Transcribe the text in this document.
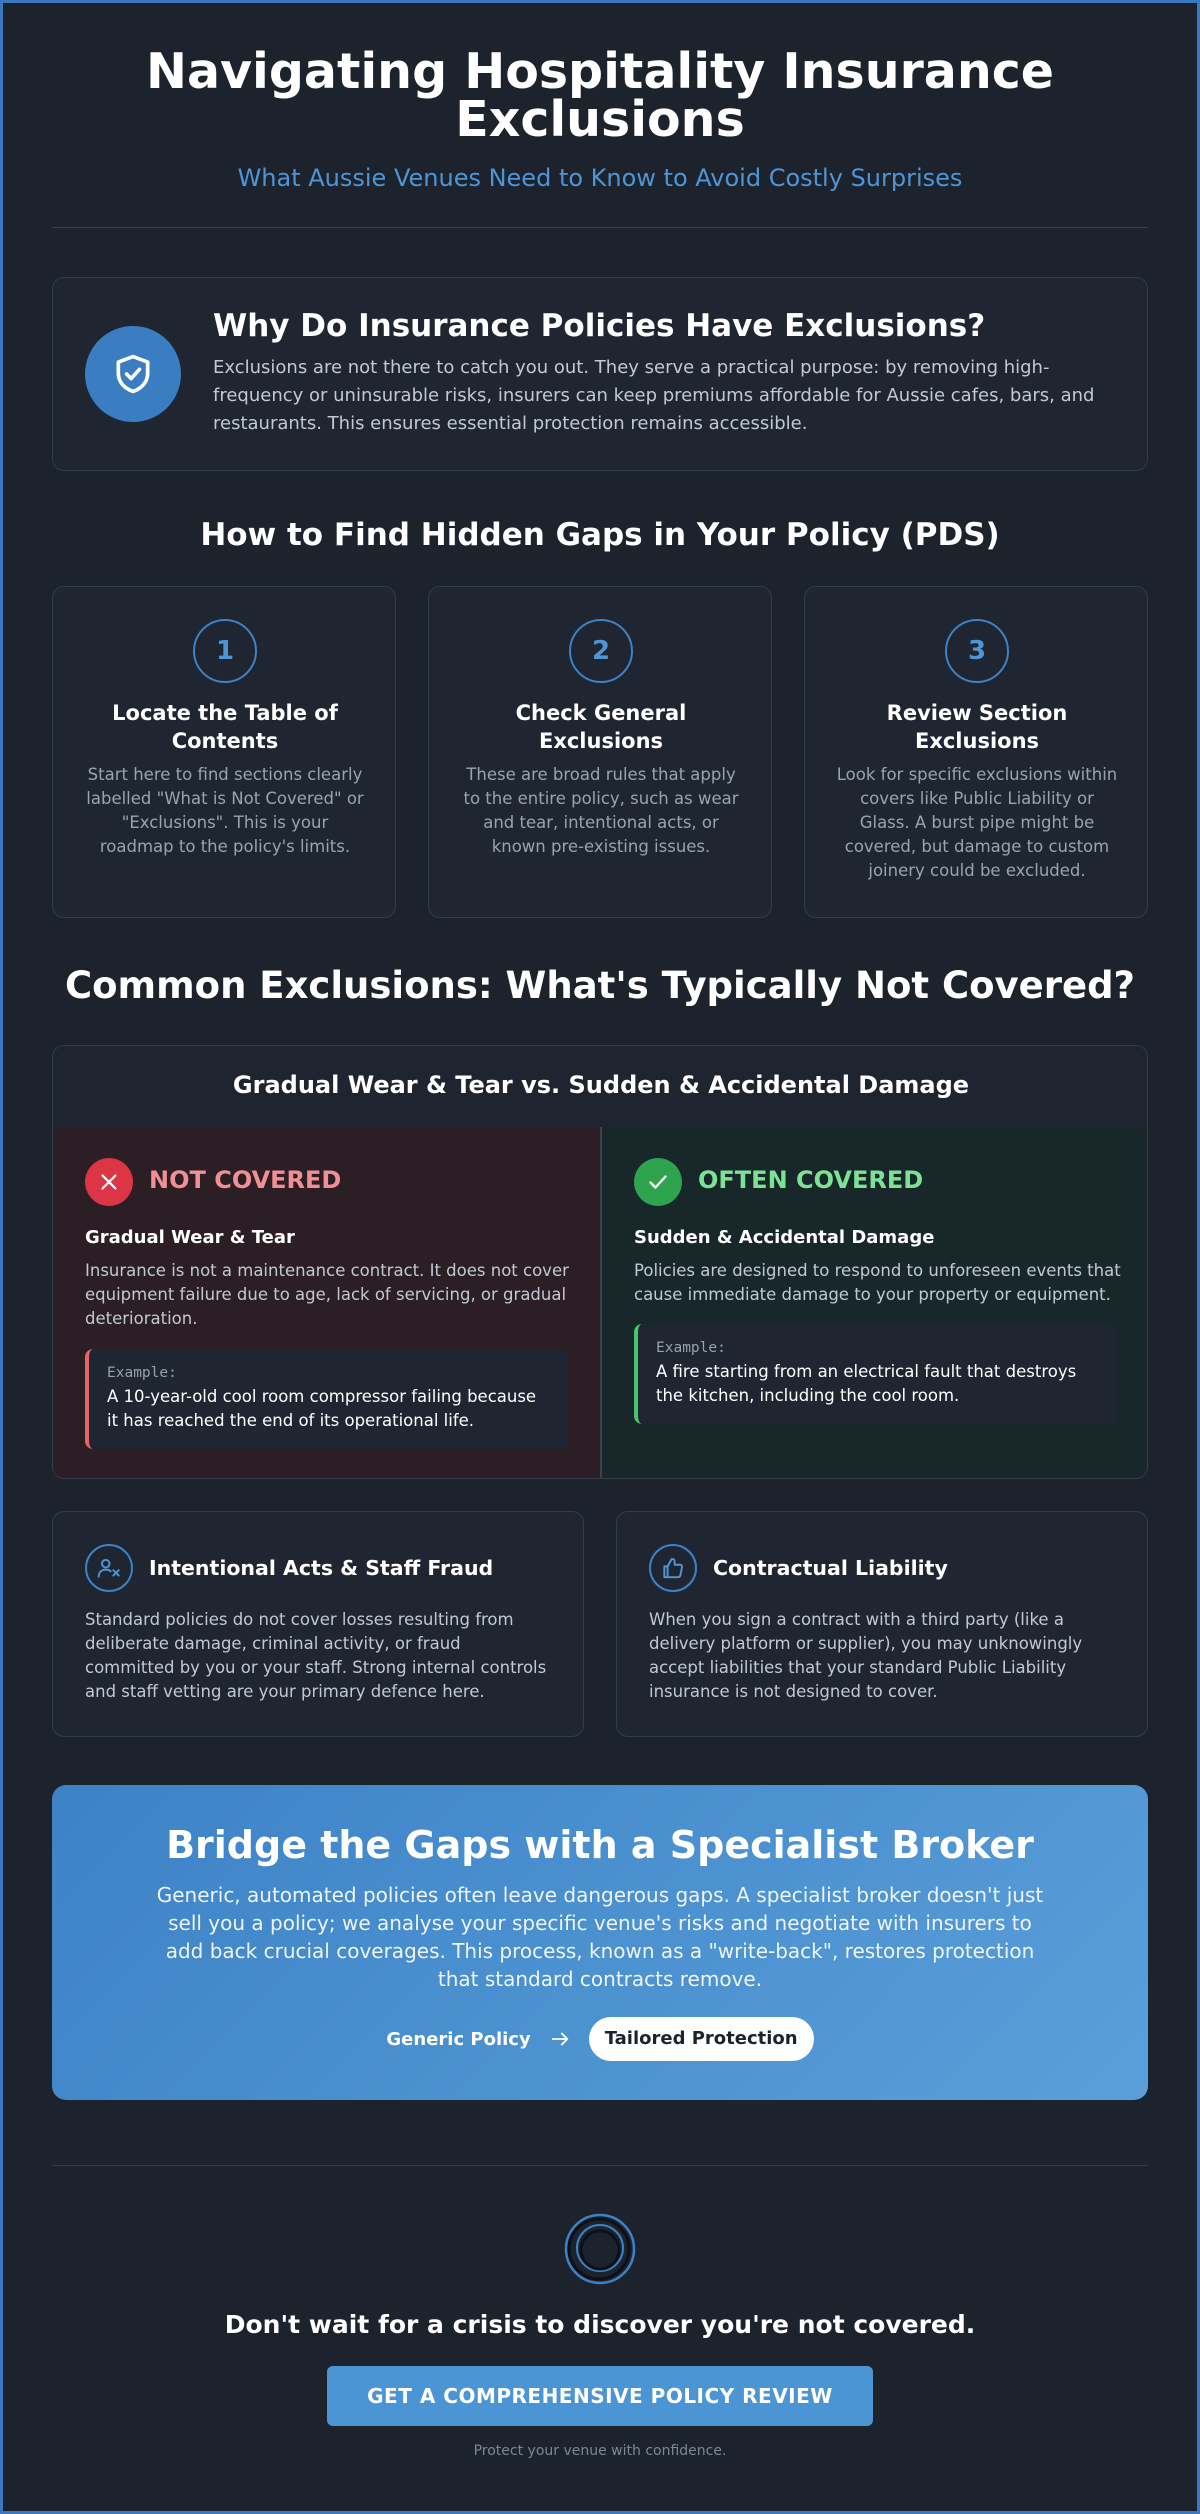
Navigating Hospitality Insurance Exclusions

What Aussie Venues Need to Know to Avoid Costly Surprises

Why Do Insurance Policies Have Exclusions?

Exclusions are not there to catch you out. They serve a practical purpose: by removing high-frequency or uninsurable risks, insurers can keep premiums affordable for Aussie cafes, bars, and restaurants. This ensures essential protection remains accessible.

How to Find Hidden Gaps in Your Policy (PDS)
1
Locate the Table of Contents

Start here to find sections clearly labelled "What is Not Covered" or "Exclusions". This is your roadmap to the policy's limits.

2
Check General Exclusions

These are broad rules that apply to the entire policy, such as wear and tear, intentional acts, or known pre-existing issues.

3
Review Section Exclusions

Look for specific exclusions within covers like Public Liability or Glass. A burst pipe might be covered, but damage to custom joinery could be excluded.

Common Exclusions: What's Typically Not Covered?
Gradual Wear & Tear vs. Sudden & Accidental Damage
NOT COVERED
Gradual Wear & Tear

Insurance is not a maintenance contract. It does not cover equipment failure due to age, lack of servicing, or gradual deterioration.

Example:
A 10-year-old cool room compressor failing because it has reached the end of its operational life.
OFTEN COVERED
Sudden & Accidental Damage

Policies are designed to respond to unforeseen events that cause immediate damage to your property or equipment.

Example:
A fire starting from an electrical fault that destroys the kitchen, including the cool room.
Intentional Acts & Staff Fraud

Standard policies do not cover losses resulting from deliberate damage, criminal activity, or fraud committed by you or your staff. Strong internal controls and staff vetting are your primary defence here.

Contractual Liability

When you sign a contract with a third party (like a delivery platform or supplier), you may unknowingly accept liabilities that your standard Public Liability insurance is not designed to cover.

Bridge the Gaps with a Specialist Broker

Generic, automated policies often leave dangerous gaps. A specialist broker doesn't just sell you a policy; we analyse your specific venue's risks and negotiate with insurers to add back crucial coverages. This process, known as a "write-back", restores protection that standard contracts remove.

Generic Policy	Tailored Protection

Don't wait for a crisis to discover you're not covered.

GET A COMPREHENSIVE POLICY REVIEW

Protect your venue with confidence.
